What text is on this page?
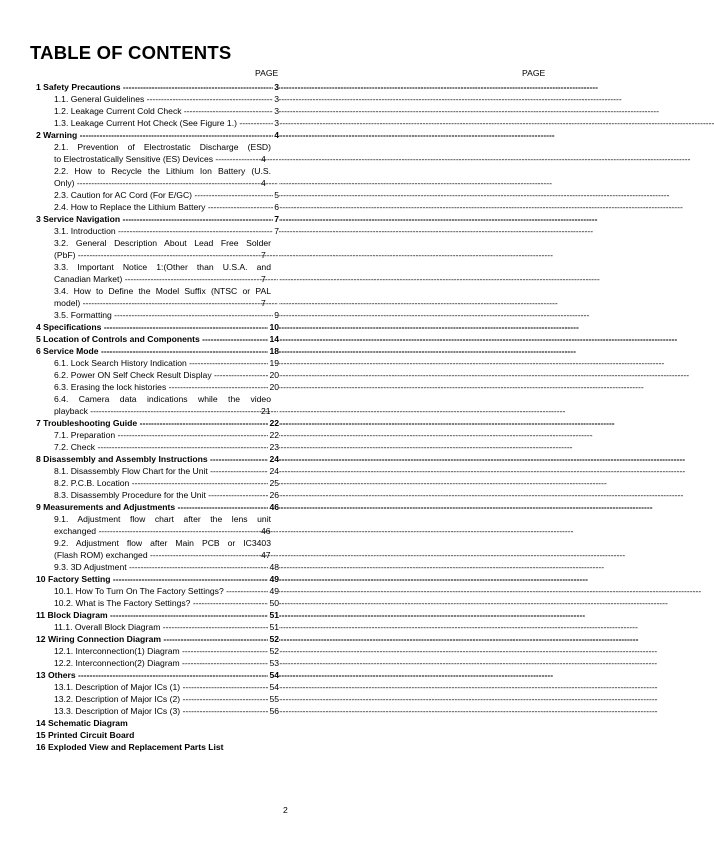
TABLE OF CONTENTS
PAGE	PAGE
1 Safety Precautions -----	3
1.1. General Guidelines -----	3
1.2. Leakage Current Cold Check -----	3
1.3. Leakage Current Hot Check (See Figure 1.) -----	3
2 Warning -----	4
2.1. Prevention of Electrostatic Discharge (ESD)
to Electrostatically Sensitive (ES) Devices -----	4
2.2. How to Recycle the Lithium Ion Battery (U.S.
Only) -----	4
2.3. Caution for AC Cord (For E/GC) -----	5
2.4. How to Replace the Lithium Battery -----	6
3 Service Navigation -----	7
3.1. Introduction -----	7
3.2. General Description About Lead Free Solder
(PbF) -----	7
3.3. Important Notice 1:(Other than U.S.A. and
Canadian Market) -----	7
3.4. How to Define the Model Suffix (NTSC or PAL
model) -----	7
3.5. Formatting -----	9
4 Specifications -----	10
5 Location of Controls and Components -----	14
6 Service Mode -----	18
6.1. Lock Search History Indication -----	19
6.2. Power ON Self Check Result Display -----	20
6.3. Erasing the lock histories -----	20
6.4. Camera data indications while the video
playback -----	21
7 Troubleshooting Guide -----	22
7.1. Preparation -----	22
7.2. Check -----	23
8 Disassembly and Assembly Instructions -----	24
8.1. Disassembly Flow Chart for the Unit -----	24
8.2. P.C.B. Location -----	25
8.3. Disassembly Procedure for the Unit -----	26
9 Measurements and Adjustments -----	46
9.1. Adjustment flow chart after the lens unit
exchanged -----	46
9.2. Adjustment flow after Main PCB or IC3403
(Flash ROM) exchanged -----	47
9.3. 3D Adjustment -----	48
10 Factory Setting -----	49
10.1. How To Turn On The Factory Settings? -----	49
10.2. What is The Factory Settings? -----	50
11 Block Diagram -----	51
11.1. Overall Block Diagram -----	51
12 Wiring Connection Diagram -----	52
12.1. Interconnection(1) Diagram -----	52
12.2. Interconnection(2) Diagram -----	53
13 Others -----	54
13.1. Description of Major ICs (1) -----	54
13.2. Description of Major ICs (2) -----	55
13.3. Description of Major ICs (3) -----	56
14 Schematic Diagram
15 Printed Circuit Board
16 Exploded View and Replacement Parts List
2
